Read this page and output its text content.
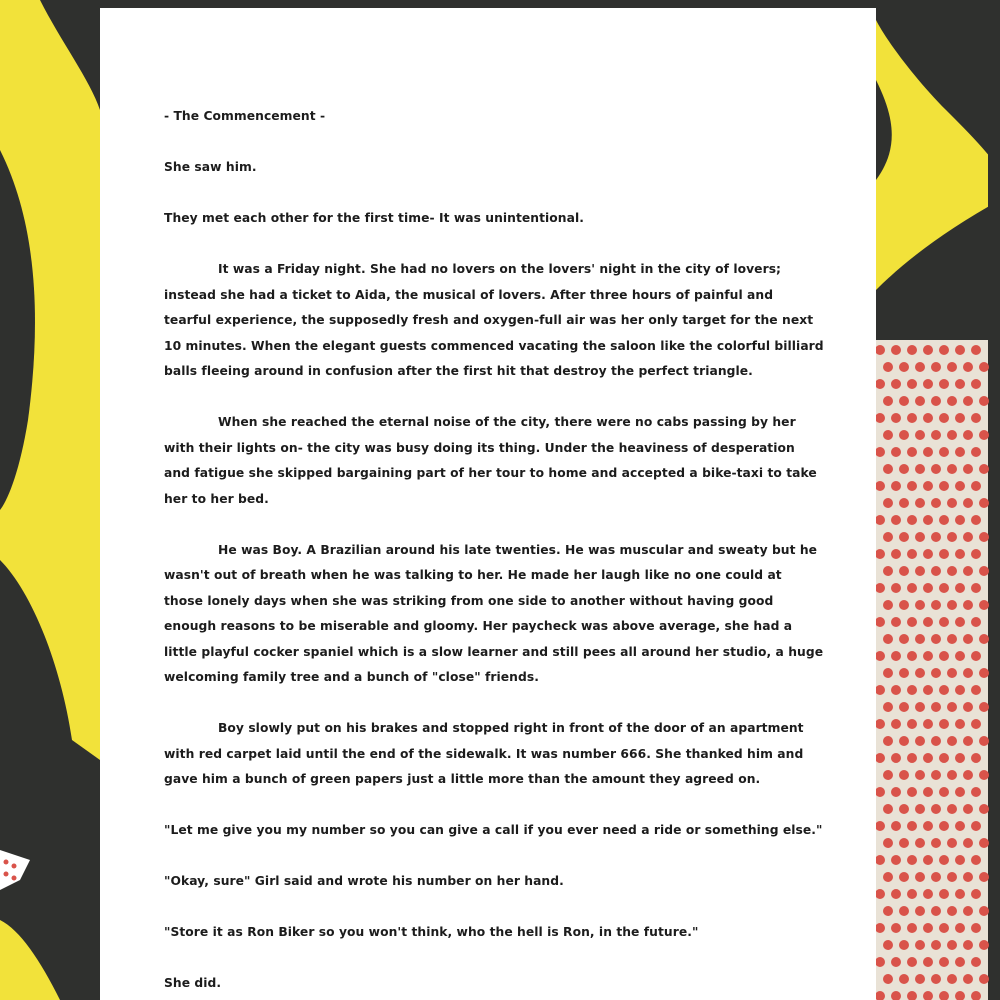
- The Commencement -

She saw him.

They met each other for the first time- It was unintentional.

It was a Friday night. She had no lovers on the lovers' night in the city of lovers; instead she had a ticket to Aida, the musical of lovers. After three hours of painful and tearful experience, the supposedly fresh and oxygen-full air was her only target for the next 10 minutes. When the elegant guests commenced vacating the saloon like the colorful billiard balls fleeing around in confusion after the first hit that destroy the perfect triangle.

When she reached the eternal noise of the city, there were no cabs passing by her with their lights on- the city was busy doing its thing. Under the heaviness of desperation and fatigue she skipped bargaining part of her tour to home and accepted a bike-taxi to take her to her bed.

He was Boy. A Brazilian around his late twenties. He was muscular and sweaty but he wasn't out of breath when he was talking to her. He made her laugh like no one could at those lonely days when she was striking from one side to another without having good enough reasons to be miserable and gloomy. Her paycheck was above average, she had a little playful cocker spaniel which is a slow learner and still pees all around her studio, a huge welcoming family tree and a bunch of "close" friends.

Boy slowly put on his brakes and stopped right in front of the door of an apartment with red carpet laid until the end of the sidewalk. It was number 666. She thanked him and gave him a bunch of green papers just a little more than the amount they agreed on.

"Let me give you my number so you can give a call if you ever need a ride or something else."

"Okay, sure" Girl said and wrote his number on her hand.

"Store it as Ron Biker so you won't think, who the hell is Ron, in the future."

She did.
